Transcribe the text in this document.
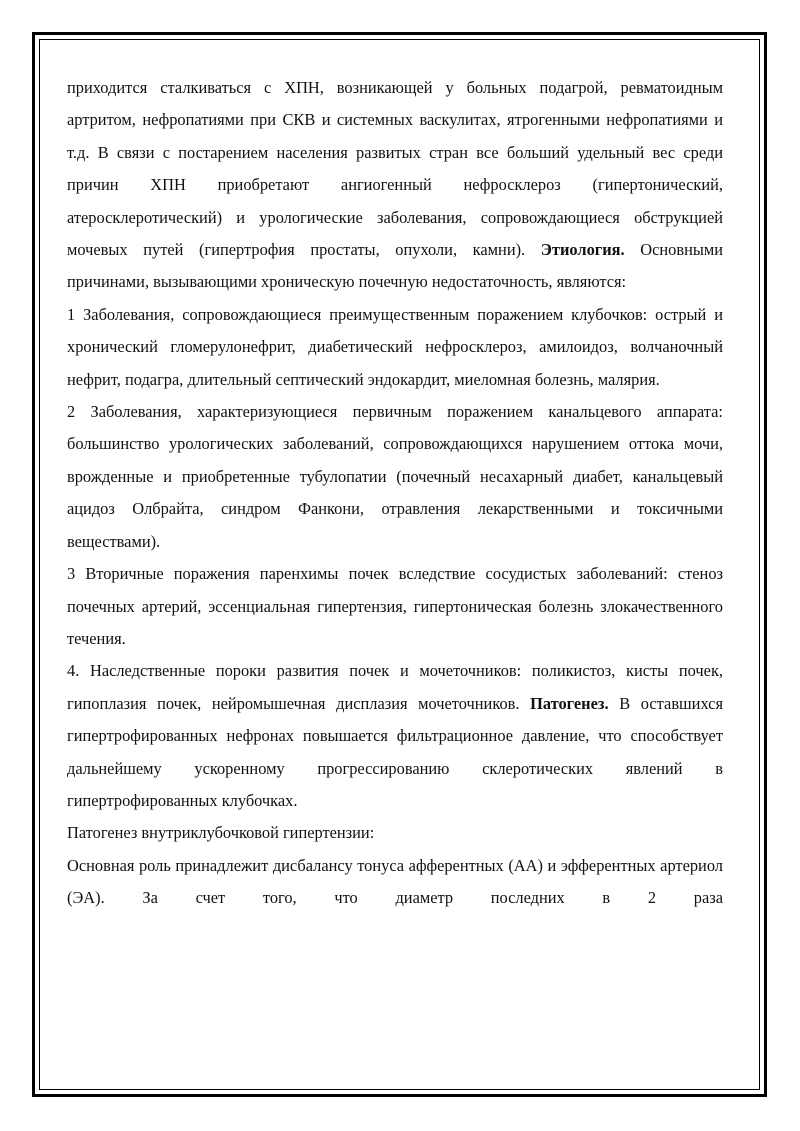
приходится сталкиваться с ХПН, возникающей у больных подагрой, ревматоидным артритом, нефропатиями при СКВ и системных васкулитах, ятрогенными нефропатиями и т.д. В связи с постарением населения развитых стран все больший удельный вес среди причин ХПН приобретают ангиогенный нефросклероз (гипертонический, атеросклеротический) и урологические заболевания, сопровождающиеся обструкцией мочевых путей (гипертрофия простаты, опухоли, камни). Этиология. Основными причинами, вызывающими хроническую почечную недостаточность, являются:

1 Заболевания, сопровождающиеся преимущественным поражением клубочков: острый и хронический гломерулонефрит, диабетический нефросклероз, амилоидоз, волчаночный нефрит, подагра, длительный септический эндокардит, миеломная болезнь, малярия.

2 Заболевания, характеризующиеся первичным поражением канальцевого аппарата: большинство урологических заболеваний, сопровождающихся нарушением оттока мочи, врожденные и приобретенные тубулопатии (почечный несахарный диабет, канальцевый ацидоз Олбрайта, синдром Фанкони, отравления лекарственными и токсичными веществами).

3 Вторичные поражения паренхимы почек вследствие сосудистых заболеваний: стеноз почечных артерий, эссенциальная гипертензия, гипертоническая болезнь злокачественного течения.

4. Наследственные пороки развития почек и мочеточников: поликистоз, кисты почек, гипоплазия почек, нейромышечная дисплазия мочеточников. Патогенез. В оставшихся гипертрофированных нефронах повышается фильтрационное давление, что способствует дальнейшему ускоренному прогрессированию склеротических явлений в гипертрофированных клубочках.

Патогенез внутриклубочковой гипертензии:

Основная роль принадлежит дисбалансу тонуса афферентных (АА) и эфферентных артериол (ЭА). За счет того, что диаметр последних в 2 раза
